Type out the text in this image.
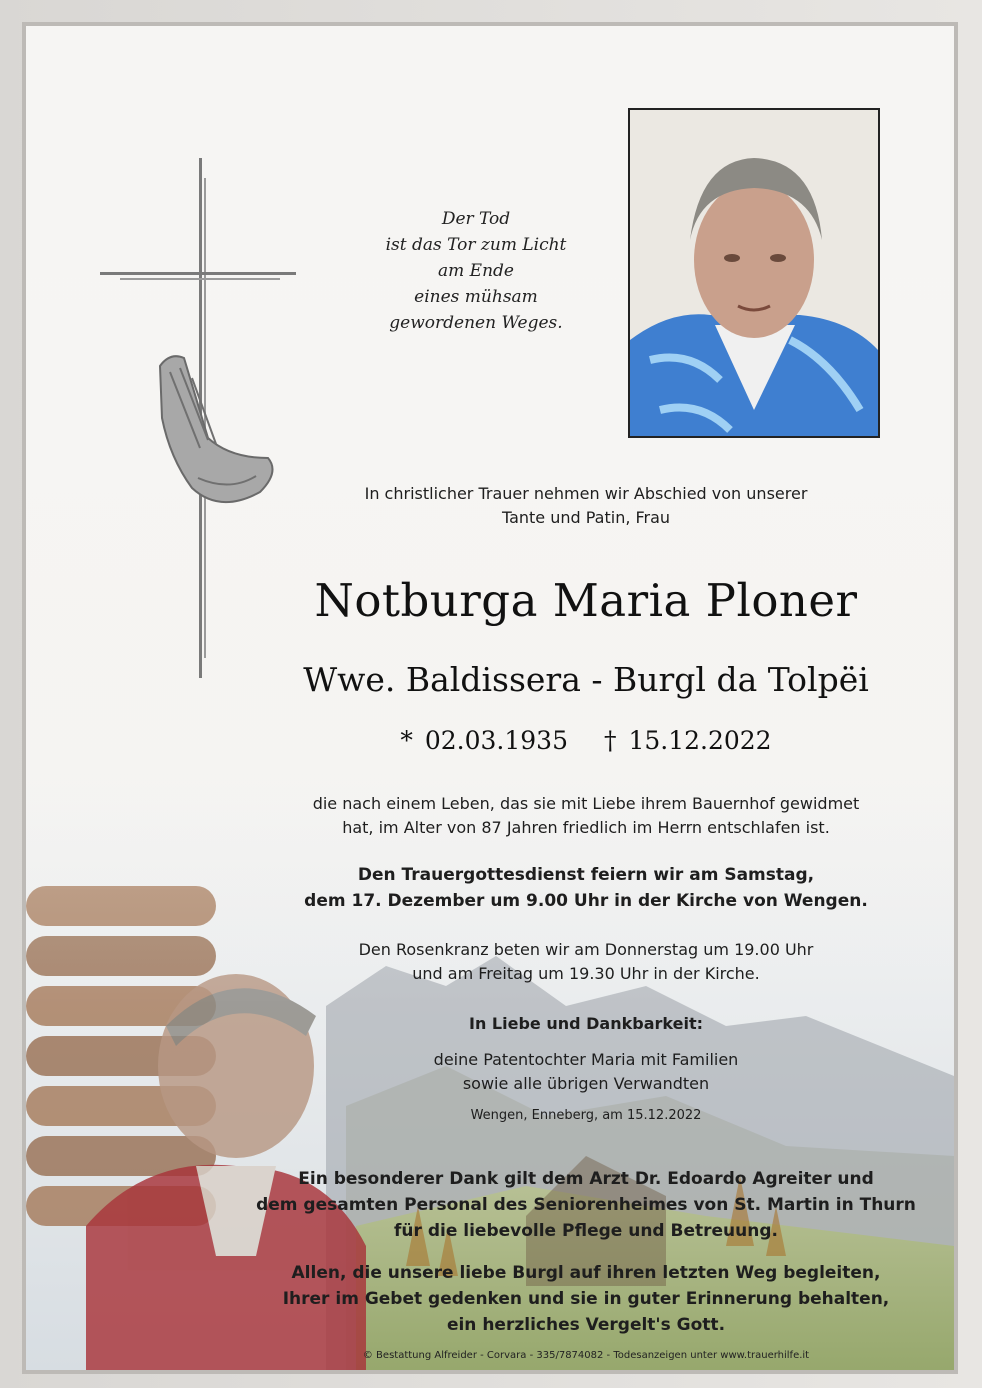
Der Tod
ist das Tor zum Licht
am Ende
eines mühsam
gewordenen Weges.
In christlicher Trauer nehmen wir Abschied von unserer
Tante und Patin, Frau
Notburga Maria Ploner
Wwe. Baldissera - Burgl da Tolpëi
* 02.03.1935 † 15.12.2022
die nach einem Leben, das sie mit Liebe ihrem Bauernhof gewidmet
hat, im Alter von 87 Jahren friedlich im Herrn entschlafen ist.
Den Trauergottesdienst feiern wir am Samstag,
dem 17. Dezember um 9.00 Uhr in der Kirche von Wengen.
Den Rosenkranz beten wir am Donnerstag um 19.00 Uhr
und am Freitag um 19.30 Uhr in der Kirche.
In Liebe und Dankbarkeit:
deine Patentochter Maria mit Familien
sowie alle übrigen Verwandten
Wengen, Enneberg, am 15.12.2022
Ein besonderer Dank gilt dem Arzt Dr. Edoardo Agreiter und
dem gesamten Personal des Seniorenheimes von St. Martin in Thurn
für die liebevolle Pflege und Betreuung.
Allen, die unsere liebe Burgl auf ihren letzten Weg begleiten,
Ihrer im Gebet gedenken und sie in guter Erinnerung behalten,
ein herzliches Vergelt's Gott.
© Bestattung Alfreider - Corvara - 335/7874082 - Todesanzeigen unter www.trauerhilfe.it
